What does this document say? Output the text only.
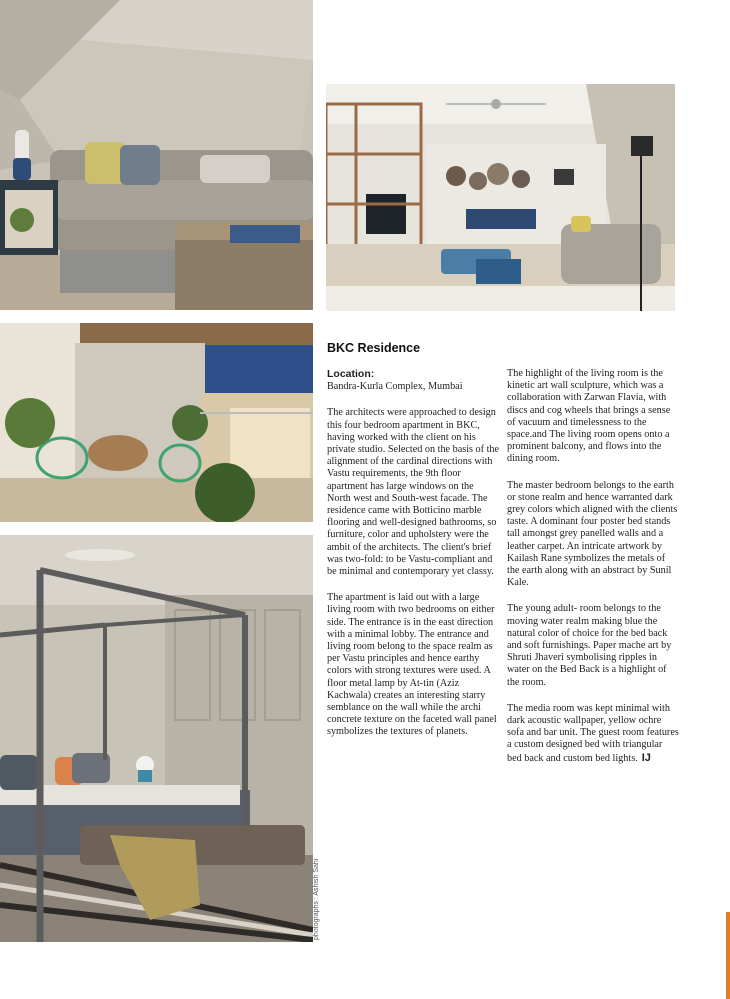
photographs : Ashish Sahi
BKC Residence

Location:
Bandra-Kurla Complex, Mumbai

The architects were approached to design this four bedroom apartment in BKC, having worked with the client on his private studio. Selected on the basis of the alignment of the cardinal directions with Vastu requirements, the 9th floor apartment has large windows on the North west and South-west facade. The residence came with Botticino marble flooring and well-designed bathrooms, so furniture, color and upholstery were the ambit of the architects. The client's brief was two-fold: to be Vastu-compliant and be minimal and contemporary yet classy.

The apartment is laid out with a large living room with two bedrooms on either side. The entrance is in the east direction with a minimal lobby. The entrance and living room belong to the space realm as per Vastu principles and hence earthy colors with strong textures were used. A floor metal lamp by At-tin (Aziz Kachwala) creates an interesting starry semblance on the wall while the archi concrete texture on the faceted wall panel symbolizes the textures of planets.

The highlight of the living room is the kinetic art wall sculpture, which was a collaboration with Zarwan Flavia, with discs and cog wheels that brings a sense of vacuum and timelessness to the space.and The living room opens onto a prominent balcony, and flows into the dining room.

The master bedroom belongs to the earth or stone realm and hence warranted dark grey colors which aligned with the clients taste. A dominant four poster bed stands tall amongst grey panelled walls and a leather carpet. An intricate artwork by Kailash Rane symbolizes the metals of the earth along with an abstract by Sunil Kale.

The young adult- room belongs to the moving water realm making blue the natural color of choice for the bed back and soft furnishings. Paper mache art by Shruti Jhaveri symbolising ripples in water on the Bed Back is a highlight of the room.

The media room was kept minimal with dark acoustic wallpaper, yellow ochre sofa and bar unit. The guest room features a custom designed bed with triangular bed back and custom bed lights. IJ
